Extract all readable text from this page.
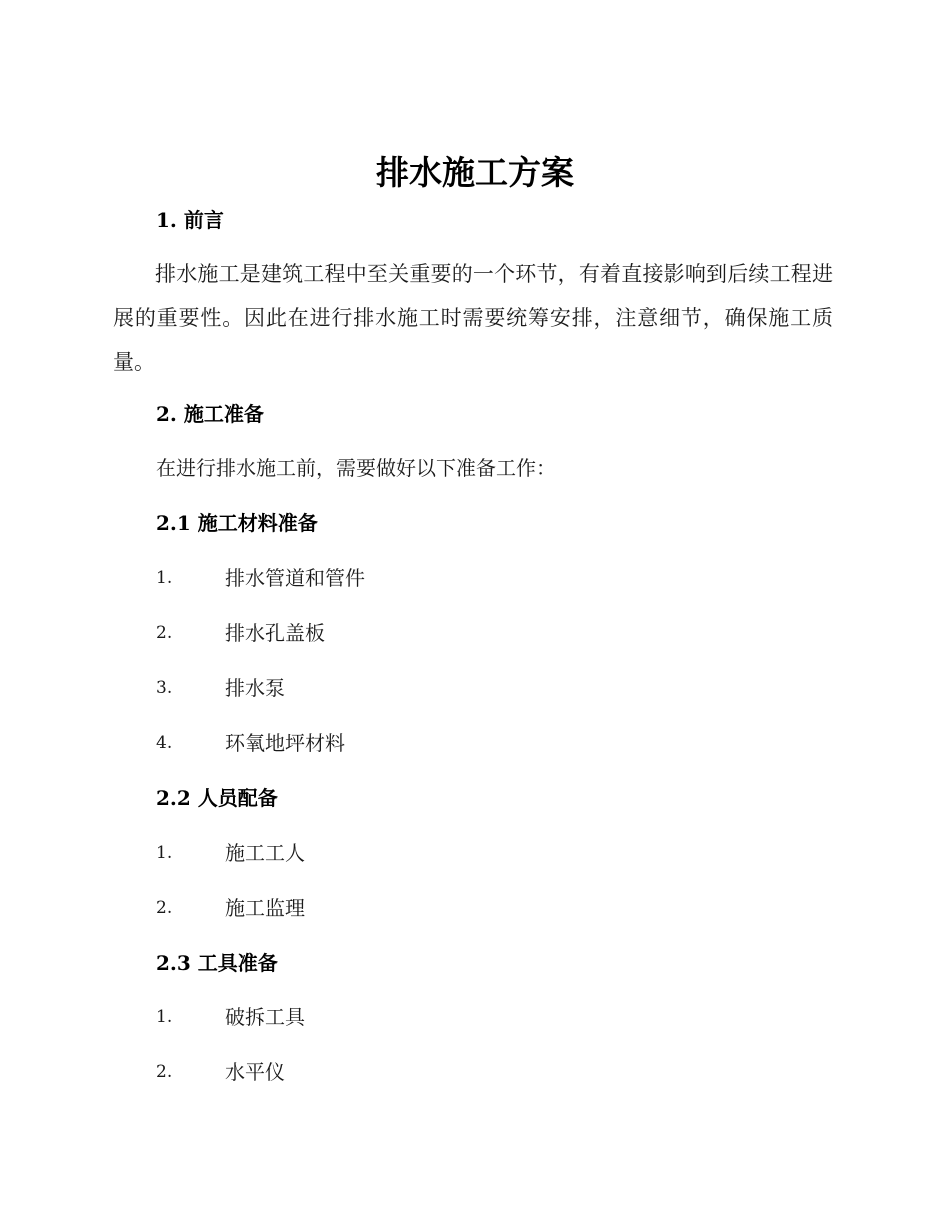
排水施工方案
1. 前言

排水施工是建筑工程中至关重要的一个环节，有着直接影响到后续工程进展的重要性。因此在进行排水施工时需要统筹安排，注意细节，确保施工质量。

2. 施工准备

在进行排水施工前，需要做好以下准备工作：

2.1 施工材料准备
1.	排水管道和管件
2.	排水孔盖板
3.	排水泵
4.	环氧地坪材料
2.2 人员配备
1.	施工工人
2.	施工监理
2.3 工具准备
1.	破拆工具
2.	水平仪
